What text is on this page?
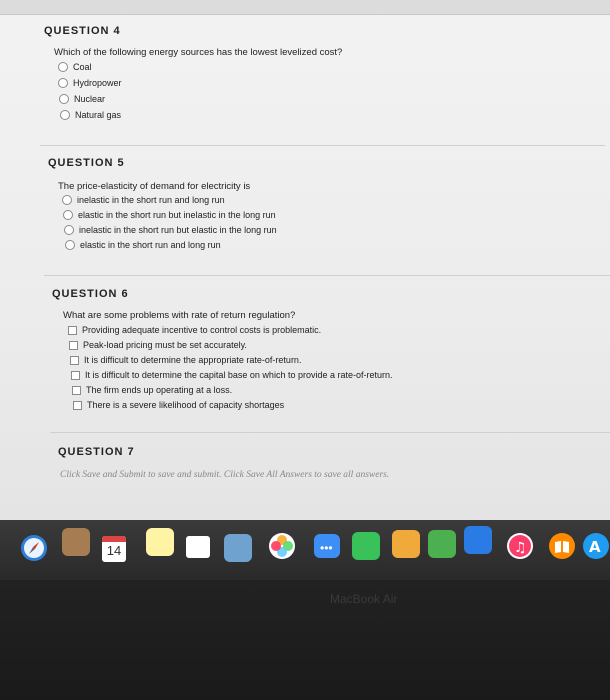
QUESTION 4
Which of the following energy sources has the lowest levelized cost?
Coal
Hydropower
Nuclear
Natural gas
QUESTION 5
The price-elasticity of demand for electricity is
inelastic in the short run and long run
elastic in the short run but inelastic in the long run
inelastic in the short run but elastic in the long run
elastic in the short run and long run
QUESTION 6
What are some problems with rate of return regulation?
Providing adequate incentive to control costs is problematic.
Peak-load pricing must be set accurately.
It is difficult to determine the appropriate rate-of-return.
It is difficult to determine the capital base on which to provide a rate-of-return.
The firm ends up operating at a loss.
There is a severe likelihood of capacity shortages
QUESTION 7
Click Save and Submit to save and submit. Click Save All Answers to save all answers.
14	•••	♫	A
MacBook Air
